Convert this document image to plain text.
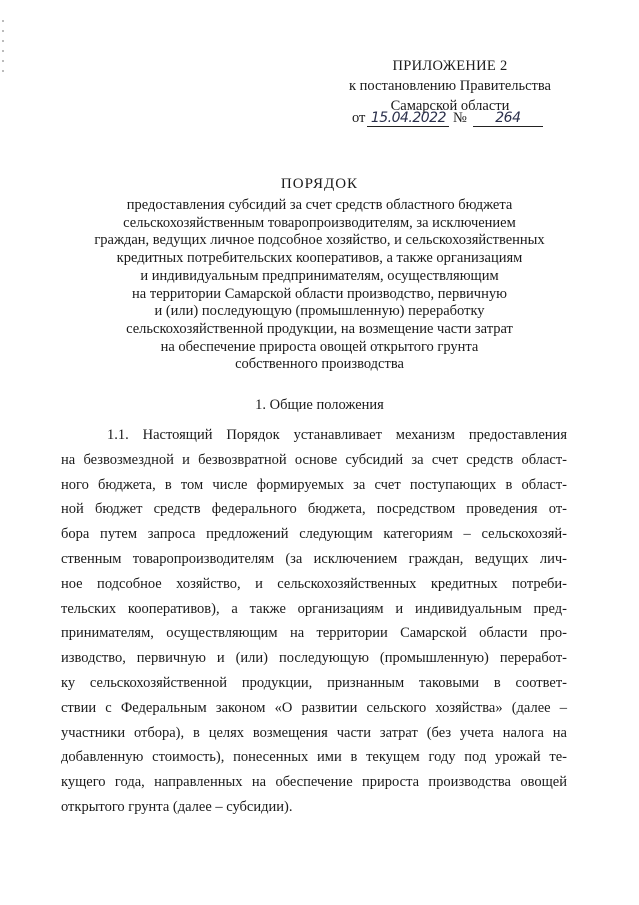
ПРИЛОЖЕНИЕ 2
к постановлению Правительства
Самарской области
от 15.04.2022 № 264
ПОРЯДОК
предоставления субсидий за счет средств областного бюджета
сельскохозяйственным товаропроизводителям, за исключением
граждан, ведущих личное подсобное хозяйство, и сельскохозяйственных
кредитных потребительских кооперативов, а также организациям
и индивидуальным предпринимателям, осуществляющим
на территории Самарской области производство, первичную
и (или) последующую (промышленную) переработку
сельскохозяйственной продукции, на возмещение части затрат
на обеспечение прироста овощей открытого грунта
собственного производства
1. Общие положения
1.1. Настоящий Порядок устанавливает механизм предоставления
на безвозмездной и безвозвратной основе субсидий за счет средств област-
ного бюджета, в том числе формируемых за счет поступающих в област-
ной бюджет средств федерального бюджета, посредством проведения от-
бора путем запроса предложений следующим категориям – сельскохозяй-
ственным товаропроизводителям (за исключением граждан, ведущих лич-
ное подсобное хозяйство, и сельскохозяйственных кредитных потреби-
тельских кооперативов), а также организациям и индивидуальным пред-
принимателям, осуществляющим на территории Самарской области про-
изводство, первичную и (или) последующую (промышленную) переработ-
ку сельскохозяйственной продукции, признанным таковыми в соответ-
ствии с Федеральным законом «О развитии сельского хозяйства» (далее –
участники отбора), в целях возмещения части затрат (без учета налога на
добавленную стоимость), понесенных ими в текущем году под урожай те-
кущего года, направленных на обеспечение прироста производства овощей
открытого грунта (далее – субсидии).
